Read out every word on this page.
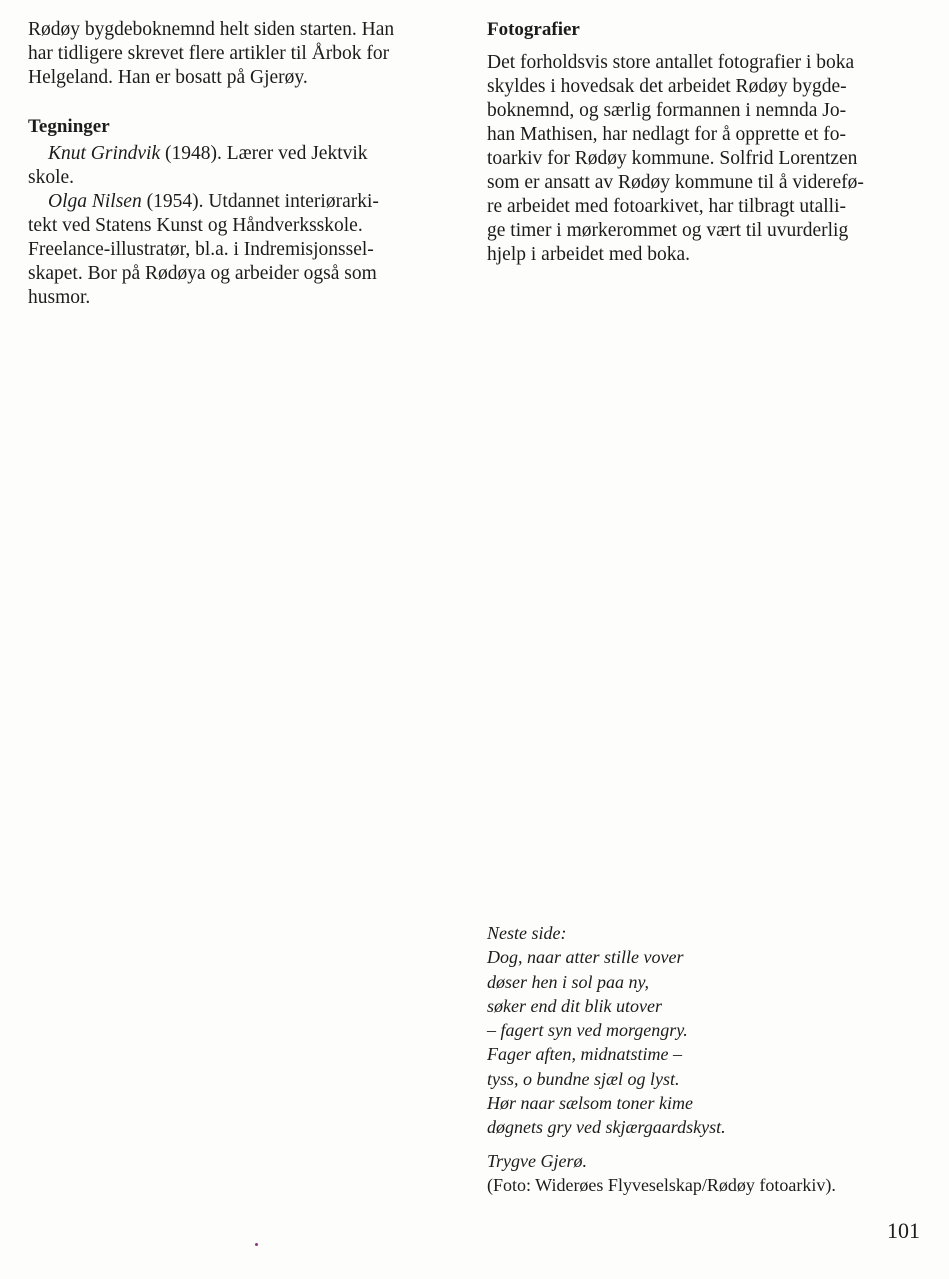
Rødøy bygdeboknemnd helt siden starten. Han
har tidligere skrevet flere artikler til Årbok for
Helgeland. Han er bosatt på Gjerøy.

Tegninger

Knut Grindvik (1948). Lærer ved Jektvik
skole.

Olga Nilsen (1954). Utdannet interiørarki-
tekt ved Statens Kunst og Håndverksskole.
Freelance-illustratør, bl.a. i Indremisjonssel-
skapet. Bor på Rødøya og arbeider også som
husmor.

Fotografier

Det forholdsvis store antallet fotografier i boka
skyldes i hovedsak det arbeidet Rødøy bygde-
boknemnd, og særlig formannen i nemnda Jo-
han Mathisen, har nedlagt for å opprette et fo-
toarkiv for Rødøy kommune. Solfrid Lorentzen
som er ansatt av Rødøy kommune til å viderefø-
re arbeidet med fotoarkivet, har tilbragt utalli-
ge timer i mørkerommet og vært til uvurderlig
hjelp i arbeidet med boka.

Neste side:
Dog, naar atter stille vover
døser hen i sol paa ny,
søker end dit blik utover
– fagert syn ved morgengry.
Fager aften, midnatstime –
tyss, o bundne sjæl og lyst.
Hør naar sælsom toner kime
døgnets gry ved skjærgaardskyst.
Trygve Gjerø.
(Foto: Widerøes Flyveselskap/Rødøy fotoarkiv).
101
